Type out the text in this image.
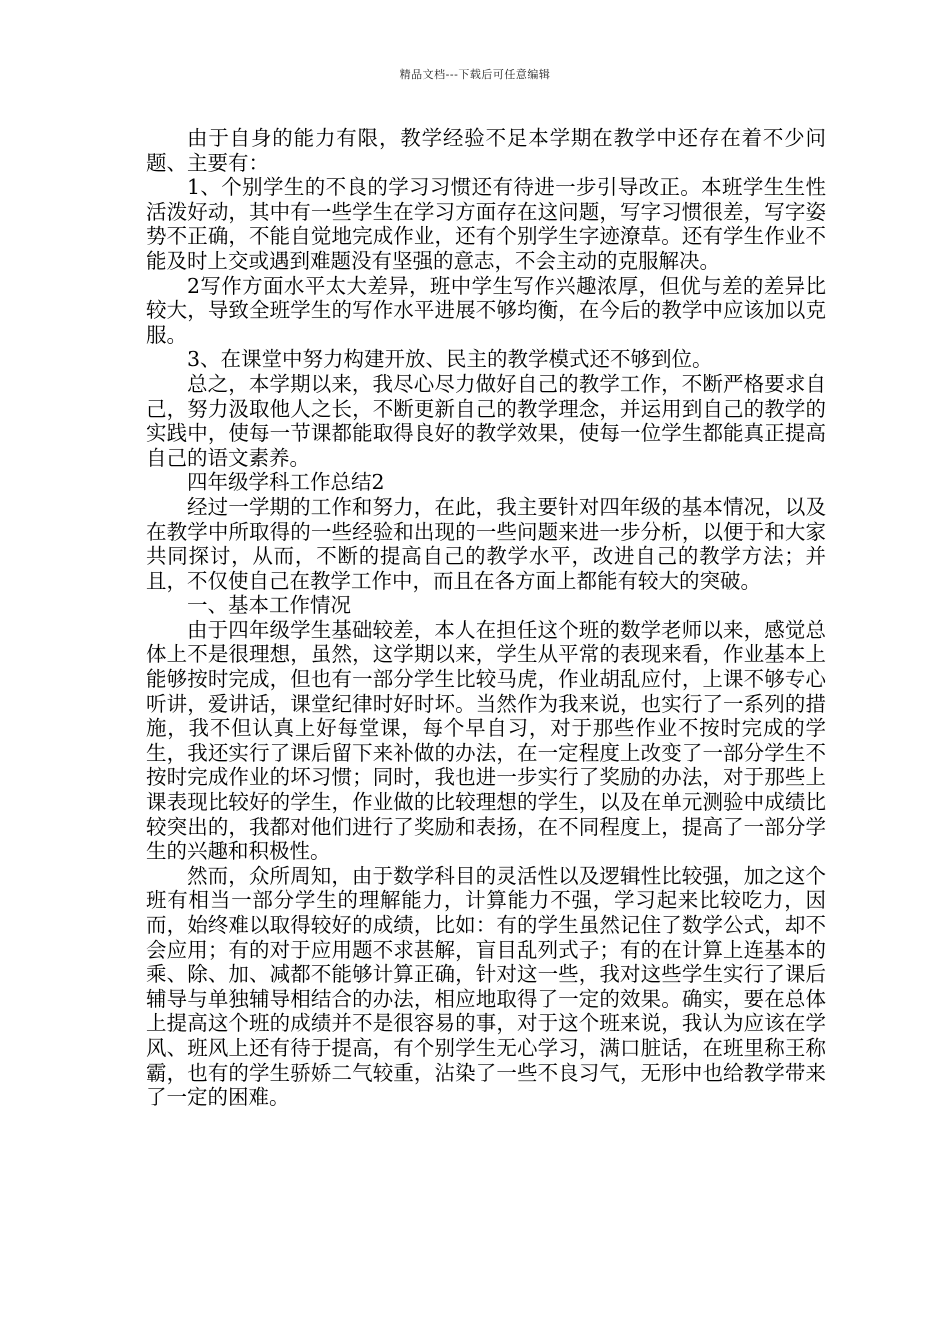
精品文档---下载后可任意编辑

由于自身的能力有限，教学经验不足本学期在教学中还存在着不少问题、主要有：

1、个别学生的不良的学习习惯还有待进一步引导改正。本班学生生性活泼好动，其中有一些学生在学习方面存在这问题，写字习惯很差，写字姿势不正确，不能自觉地完成作业，还有个别学生字迹潦草。还有学生作业不能及时上交或遇到难题没有坚强的意志，不会主动的克服解决。

2写作方面水平太大差异，班中学生写作兴趣浓厚，但优与差的差异比较大，导致全班学生的写作水平进展不够均衡，在今后的教学中应该加以克服。

3、在课堂中努力构建开放、民主的教学模式还不够到位。

总之，本学期以来，我尽心尽力做好自己的教学工作，不断严格要求自己，努力汲取他人之长，不断更新自己的教学理念，并运用到自己的教学的实践中，使每一节课都能取得良好的教学效果，使每一位学生都能真正提高自己的语文素养。

四年级学科工作总结2

经过一学期的工作和努力，在此，我主要针对四年级的基本情况，以及在教学中所取得的一些经验和出现的一些问题来进一步分析，以便于和大家共同探讨，从而，不断的提高自己的教学水平，改进自己的教学方法；并且，不仅使自己在教学工作中，而且在各方面上都能有较大的突破。

一、基本工作情况

由于四年级学生基础较差，本人在担任这个班的数学老师以来，感觉总体上不是很理想，虽然，这学期以来，学生从平常的表现来看，作业基本上能够按时完成，但也有一部分学生比较马虎，作业胡乱应付，上课不够专心听讲，爱讲话，课堂纪律时好时坏。当然作为我来说，也实行了一系列的措施，我不但认真上好每堂课，每个早自习，对于那些作业不按时完成的学生，我还实行了课后留下来补做的办法，在一定程度上改变了一部分学生不按时完成作业的坏习惯；同时，我也进一步实行了奖励的办法，对于那些上课表现比较好的学生，作业做的比较理想的学生，以及在单元测验中成绩比较突出的，我都对他们进行了奖励和表扬，在不同程度上，提高了一部分学生的兴趣和积极性。

然而，众所周知，由于数学科目的灵活性以及逻辑性比较强，加之这个班有相当一部分学生的理解能力，计算能力不强，学习起来比较吃力，因而，始终难以取得较好的成绩，比如：有的学生虽然记住了数学公式，却不会应用；有的对于应用题不求甚解，盲目乱列式子；有的在计算上连基本的乘、除、加、减都不能够计算正确，针对这一些，我对这些学生实行了课后辅导与单独辅导相结合的办法，相应地取得了一定的效果。确实，要在总体上提高这个班的成绩并不是很容易的事，对于这个班来说，我认为应该在学风、班风上还有待于提高，有个别学生无心学习，满口脏话，在班里称王称霸，也有的学生骄娇二气较重，沾染了一些不良习气，无形中也给教学带来了一定的困难。
